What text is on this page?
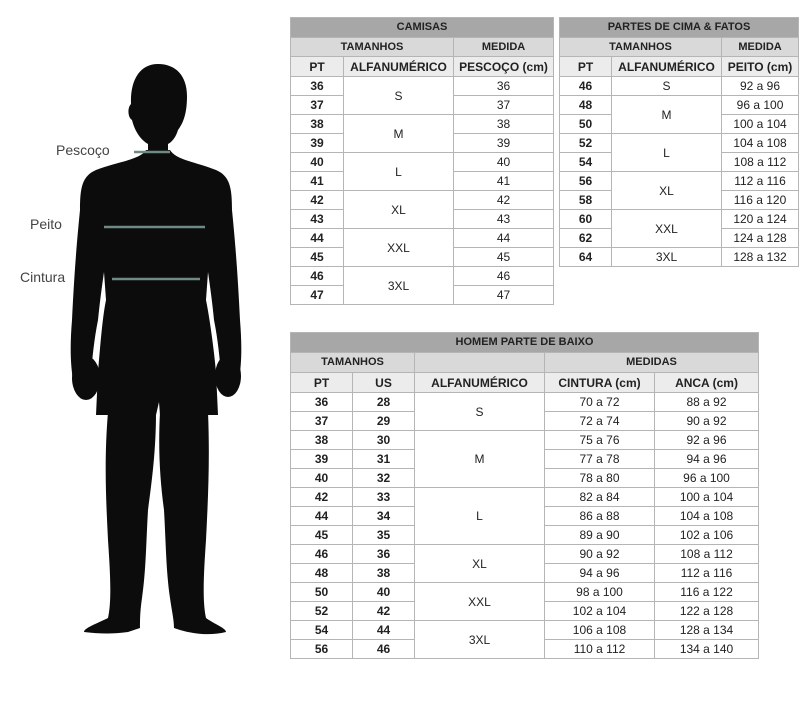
Pescoço
Peito
Cintura
CAMISAS		
TAMANHOS		MEDIDA
PT	ALFANUMÉRICO	PESCOÇO (cm)
36	S	36
37		37
38	M	38
39		39
40	L	40
41		41
42	XL	42
43		43
44	XXL	44
45		45
46	3XL	46
47		47
PARTES DE CIMA & FATOS		
TAMANHOS		MEDIDA
PT	ALFANUMÉRICO	PEITO (cm)
46	S	92 a 96
48	M	96 a 100
50		100 a 104
52	L	104 a 108
54		108 a 112
56	XL	112 a 116
58		116 a 120
60	XXL	120 a 124
62		124 a 128
64	3XL	128 a 132
HOMEM PARTE DE BAIXO				
TAMANHOS			MEDIDAS	
PT	US	ALFANUMÉRICO	CINTURA (cm)	ANCA (cm)
36	28	S	70 a 72	88 a 92
37	29		72 a 74	90 a 92
38	30	M	75 a 76	92 a 96
39	31		77 a 78	94 a 96
40	32		78 a 80	96 a 100
42	33	L	82 a 84	100 a 104
44	34		86 a 88	104 a 108
45	35		89 a 90	102 a 106
46	36	XL	90 a 92	108 a 112
48	38		94 a 96	112 a 116
50	40	XXL	98 a 100	116 a 122
52	42		102 a 104	122 a 128
54	44	3XL	106 a 108	128 a 134
56	46		110 a 112	134 a 140
